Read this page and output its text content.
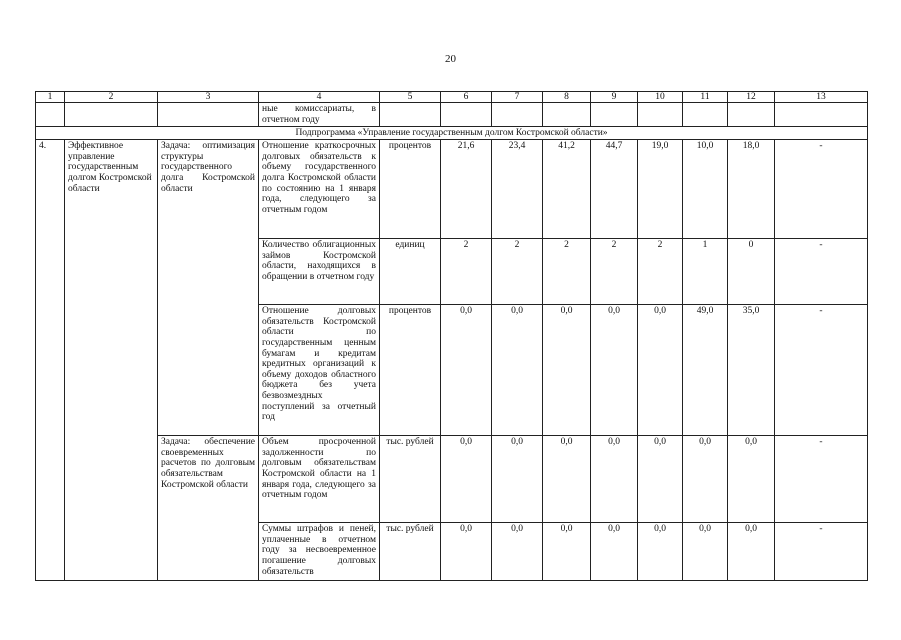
20
1	2	3	4	5	6	7	8	9	10	11	12	13
			ные комиссариаты, в отчетном году									
Подпрограмма «Управление государственным долгом Костромской области»												
4.	Эффективное управление государственным долгом Костромской области	Задача: оптимизация структуры государственного долга Костромской области	Отношение краткосрочных долговых обязательств к объему государственного долга Костромской области по состоянию на 1 января года, следующего за отчетным годом	процентов	21,6	23,4	41,2	44,7	19,0	10,0	18,0	-
			Количество облигационных займов Костромской области, находящихся в обращении в отчетном году	единиц	2	2	2	2	2	1	0	-
			Отношение долговых обязательств Костромской области по государственным ценным бумагам и кредитам кредитных организаций к объему доходов областного бюджета без учета безвозмездных поступлений за отчетный год	процентов	0,0	0,0	0,0	0,0	0,0	49,0	35,0	-
		Задача: обеспечение своевременных расчетов по долговым обязательствам Костромской области	Объем просроченной задолженности по долговым обязательствам Костромской области на 1 января года, следующего за отчетным годом	тыс. рублей	0,0	0,0	0,0	0,0	0,0	0,0	0,0	-
			Суммы штрафов и пеней, уплаченные в отчетном году за несвоевременное погашение долговых обязательств	тыс. рублей	0,0	0,0	0,0	0,0	0,0	0,0	0,0	-
